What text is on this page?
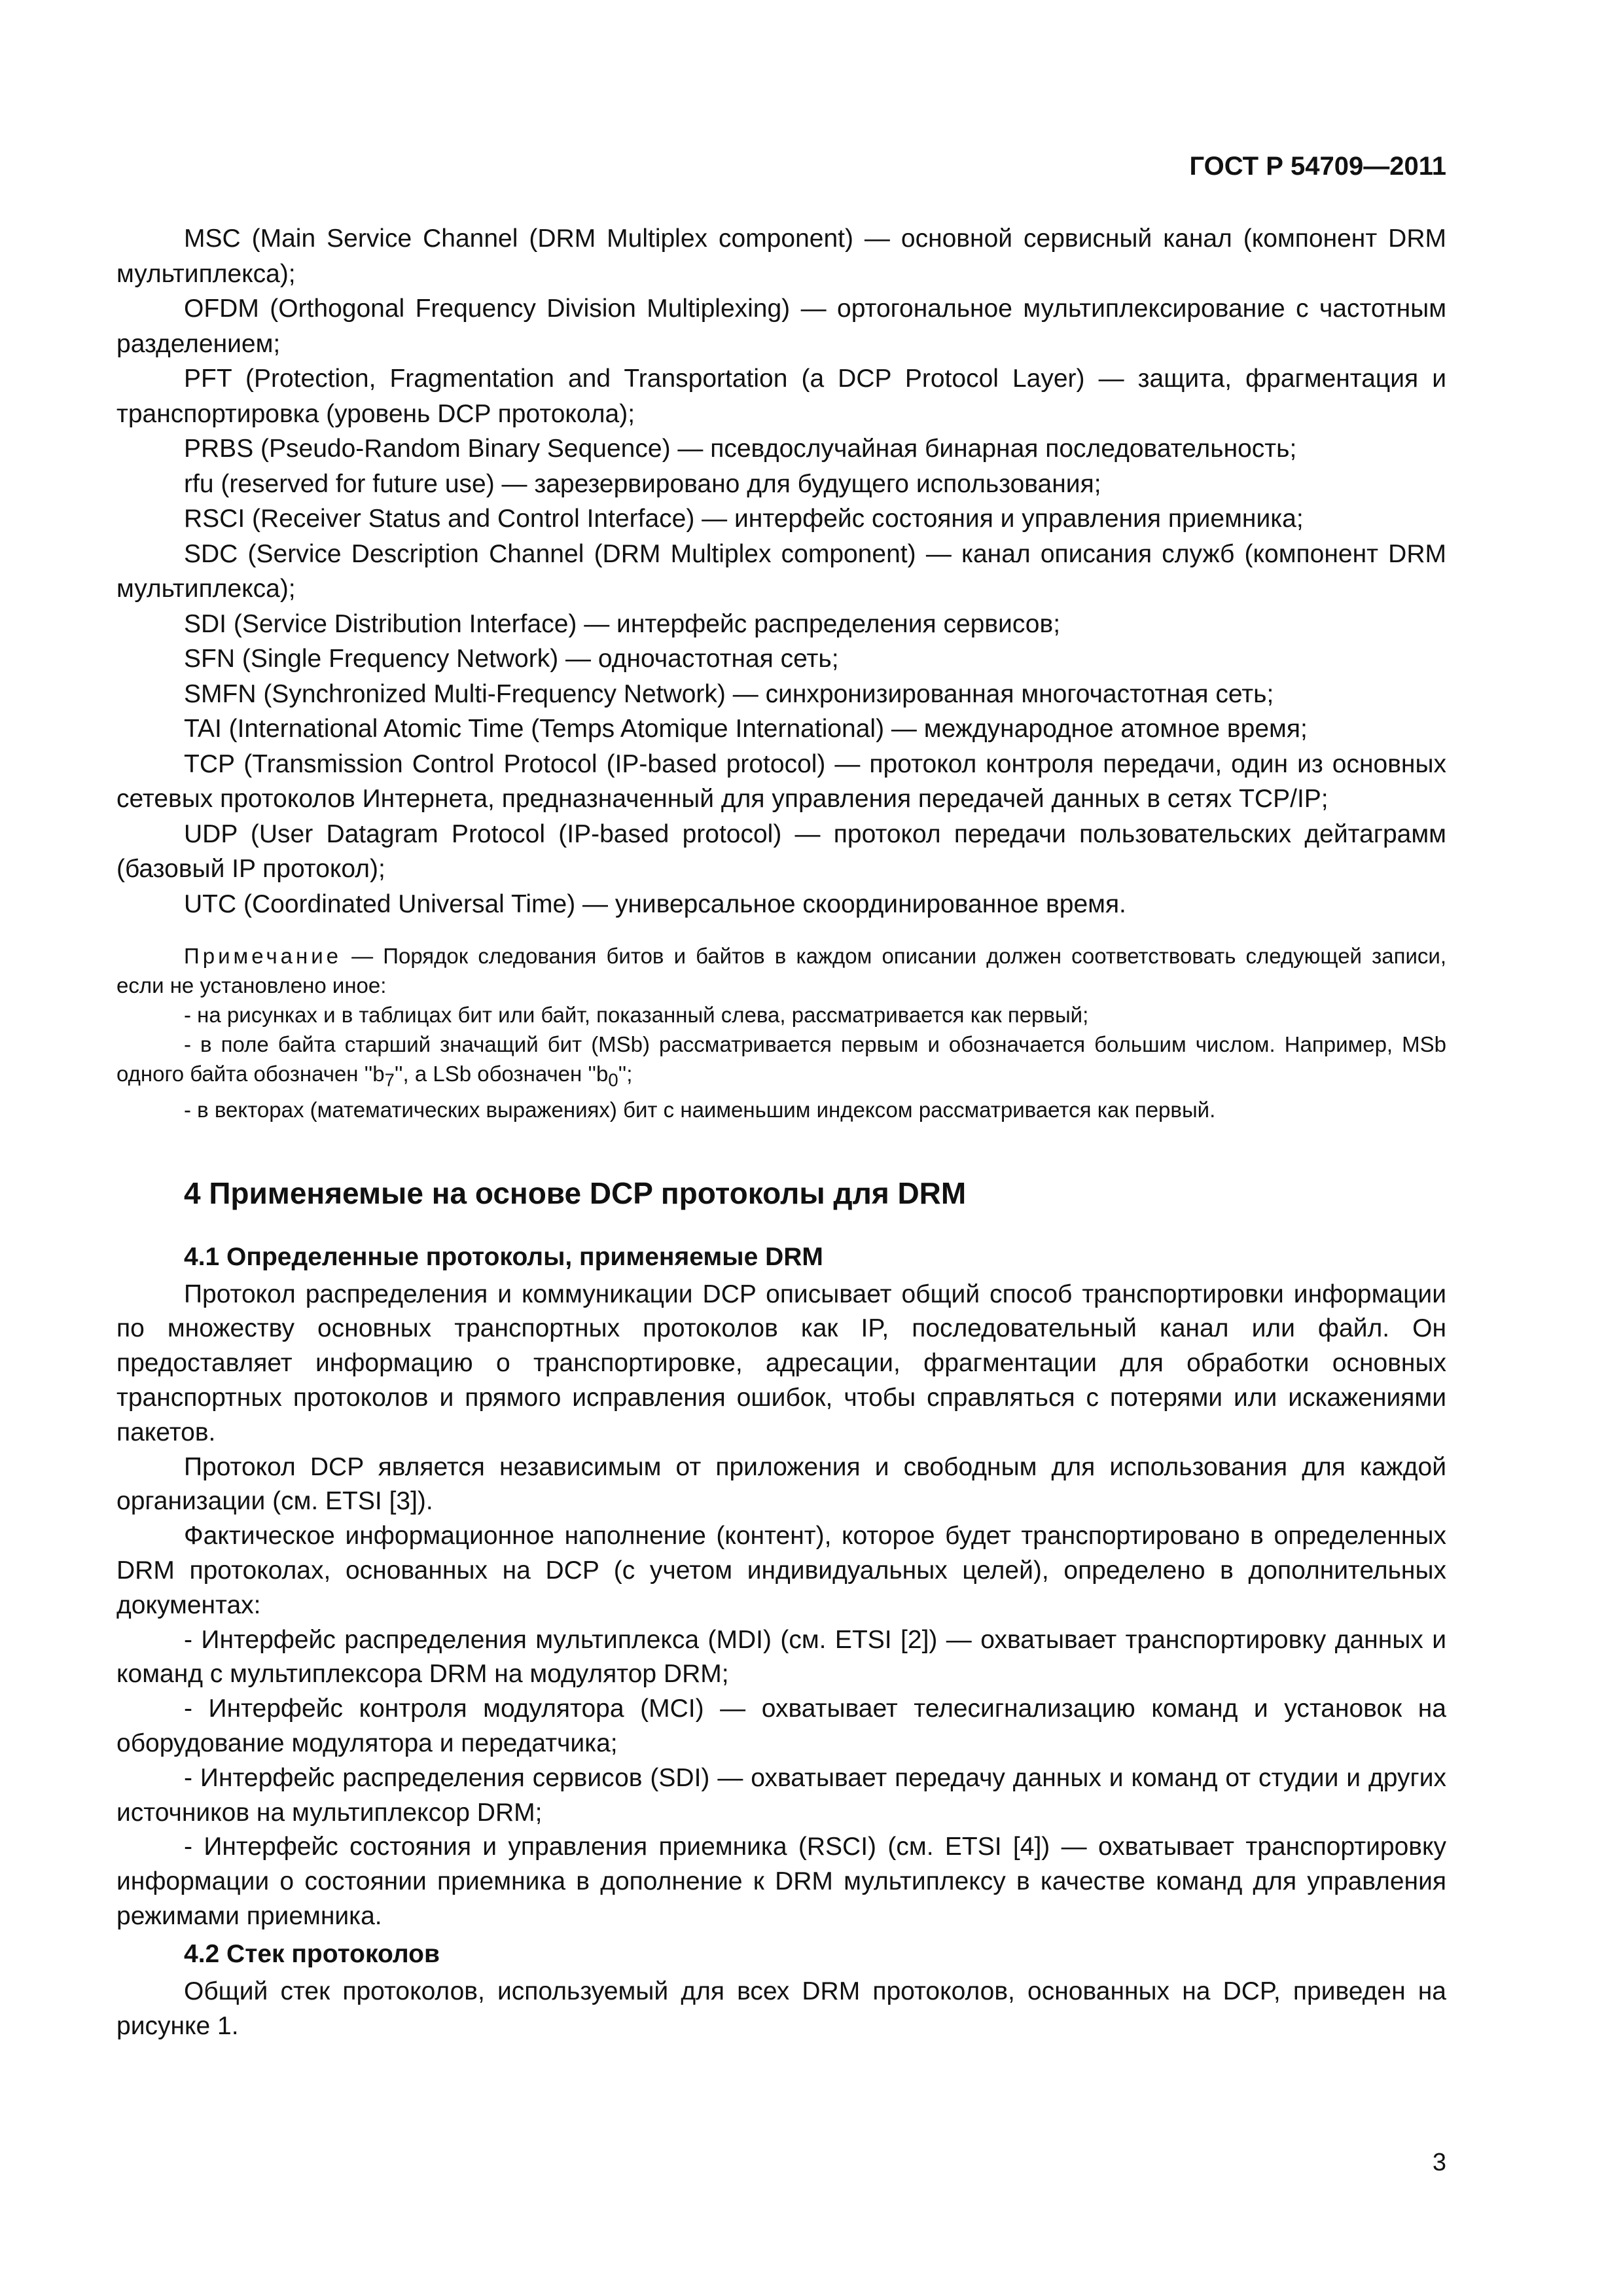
ГОСТ Р 54709—2011

MSC (Main Service Channel (DRM Multiplex component) — основной сервисный канал (компонент DRM мультиплекса);

OFDM (Orthogonal Frequency Division Multiplexing) — ортогональное мультиплексирование с частотным разделением;

PFT (Protection, Fragmentation and Transportation (a DCP Protocol Layer) — защита, фрагментация и транспортировка (уровень DCP протокола);

PRBS (Pseudo-Random Binary Sequence) — псевдослучайная бинарная последовательность;

rfu (reserved for future use) — зарезервировано для будущего использования;

RSCI (Receiver Status and Control Interface) — интерфейс состояния и управления приемника;

SDC (Service Description Channel (DRM Multiplex component) — канал описания служб (компонент DRM мультиплекса);

SDI (Service Distribution Interface) — интерфейс распределения сервисов;

SFN (Single Frequency Network) — одночастотная сеть;

SMFN (Synchronized Multi-Frequency Network) — синхронизированная многочастотная сеть;

TAI (International Atomic Time (Temps Atomique International) — международное атомное время;

TCP (Transmission Control Protocol (IP-based protocol) — протокол контроля передачи, один из основных сетевых протоколов Интернета, предназначенный для управления передачей данных в сетях TCP/IP;

UDP (User Datagram Protocol (IP-based protocol) — протокол передачи пользовательских дейтаграмм (базовый IP протокол);

UTC (Coordinated Universal Time) — универсальное скоординированное время.

Примечание — Порядок следования битов и байтов в каждом описании должен соответствовать следующей записи, если не установлено иное:

- на рисунках и в таблицах бит или байт, показанный слева, рассматривается как первый;

- в поле байта старший значащий бит (MSb) рассматривается первым и обозначается большим числом. Например, MSb одного байта обозначен ''$b_7$'', а LSb обозначен ''$b_0$'';

- в векторах (математических выражениях) бит с наименьшим индексом рассматривается как первый.

4 Применяемые на основе DCP протоколы для DRM
4.1 Определенные протоколы, применяемые DRM

Протокол распределения и коммуникации DCP описывает общий способ транспортировки информации по множеству основных транспортных протоколов как IP, последовательный канал или файл. Он предоставляет информацию о транспортировке, адресации, фрагментации для обработки основных транспортных протоколов и прямого исправления ошибок, чтобы справляться с потерями или искажениями пакетов.

Протокол DCP является независимым от приложения и свободным для использования для каждой организации (см. ETSI [3]).

Фактическое информационное наполнение (контент), которое будет транспортировано в определенных DRM протоколах, основанных на DCP (с учетом индивидуальных целей), определено в дополнительных документах:

- Интерфейс распределения мультиплекса (MDI) (см. ETSI [2]) — охватывает транспортировку данных и команд с мультиплексора DRM на модулятор DRM;

- Интерфейс контроля модулятора (MCI) — охватывает телесигнализацию команд и установок на оборудование модулятора и передатчика;

- Интерфейс распределения сервисов (SDI) — охватывает передачу данных и команд от студии и других источников на мультиплексор DRM;

- Интерфейс состояния и управления приемника (RSCI) (см. ETSI [4]) — охватывает транспортировку информации о состоянии приемника в дополнение к DRM мультиплексу в качестве команд для управления режимами приемника.

4.2 Стек протоколов

Общий стек протоколов, используемый для всех DRM протоколов, основанных на DCP, приведен на рисунке 1.

3
